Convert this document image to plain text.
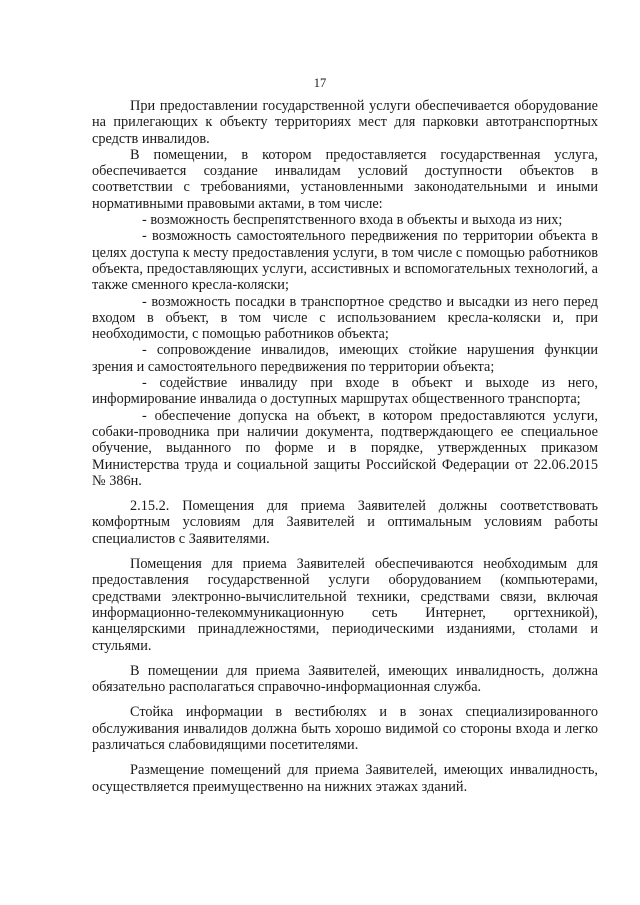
17

При предоставлении государственной услуги обеспечивается оборудование на прилегающих к объекту территориях мест для парковки автотранспортных средств инвалидов.

В помещении, в котором предоставляется государственная услуга, обеспечивается создание инвалидам условий доступности объектов в соответствии с требованиями, установленными законодательными и иными нормативными правовыми актами, в том числе:

- возможность беспрепятственного входа в объекты и выхода из них;

- возможность самостоятельного передвижения по территории объекта в целях доступа к месту предоставления услуги, в том числе с помощью работников объекта, предоставляющих услуги, ассистивных и вспомогательных технологий, а также сменного кресла-коляски;

- возможность посадки в транспортное средство и высадки из него перед входом в объект, в том числе с использованием кресла-коляски и, при необходимости, с помощью работников объекта;

- сопровождение инвалидов, имеющих стойкие нарушения функции зрения и самостоятельного передвижения по территории объекта;

- содействие инвалиду при входе в объект и выходе из него, информирование инвалида о доступных маршрутах общественного транспорта;

- обеспечение допуска на объект, в котором предоставляются услуги, собаки-проводника при наличии документа, подтверждающего ее специальное обучение, выданного по форме и в порядке, утвержденных приказом Министерства труда и социальной защиты Российской Федерации от 22.06.2015 № 386н.

2.15.2. Помещения для приема Заявителей должны соответствовать комфортным условиям для Заявителей и оптимальным условиям работы специалистов с Заявителями.

Помещения для приема Заявителей обеспечиваются необходимым для предоставления государственной услуги оборудованием (компьютерами, средствами электронно-вычислительной техники, средствами связи, включая информационно-телекоммуникационную сеть Интернет, оргтехникой), канцелярскими принадлежностями, периодическими изданиями, столами и стульями.

В помещении для приема Заявителей, имеющих инвалидность, должна обязательно располагаться справочно-информационная служба.

Стойка информации в вестибюлях и в зонах специализированного обслуживания инвалидов должна быть хорошо видимой со стороны входа и легко различаться слабовидящими посетителями.

Размещение помещений для приема Заявителей, имеющих инвалидность, осуществляется преимущественно на нижних этажах зданий.
